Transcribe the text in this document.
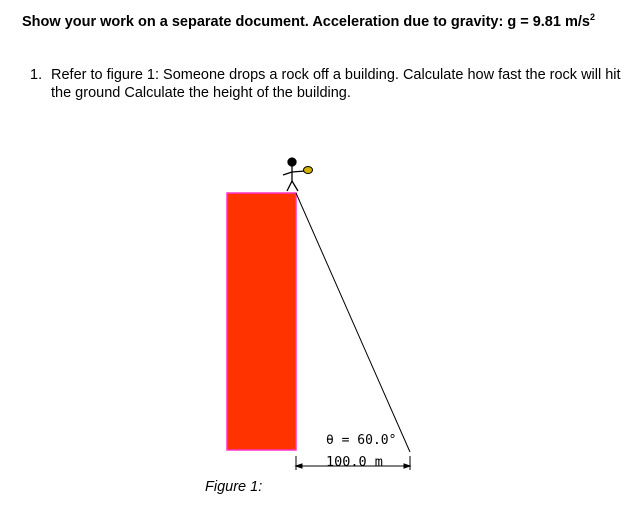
Show your work on a separate document. Acceleration due to gravity: g = 9.81 $m/s^2$
1. Refer to figure 1: Someone drops a rock off a building. Calculate how fast the rock will hit the ground Calculate the height of the building.
θ = 60.0°
100.0 m
Figure 1:
